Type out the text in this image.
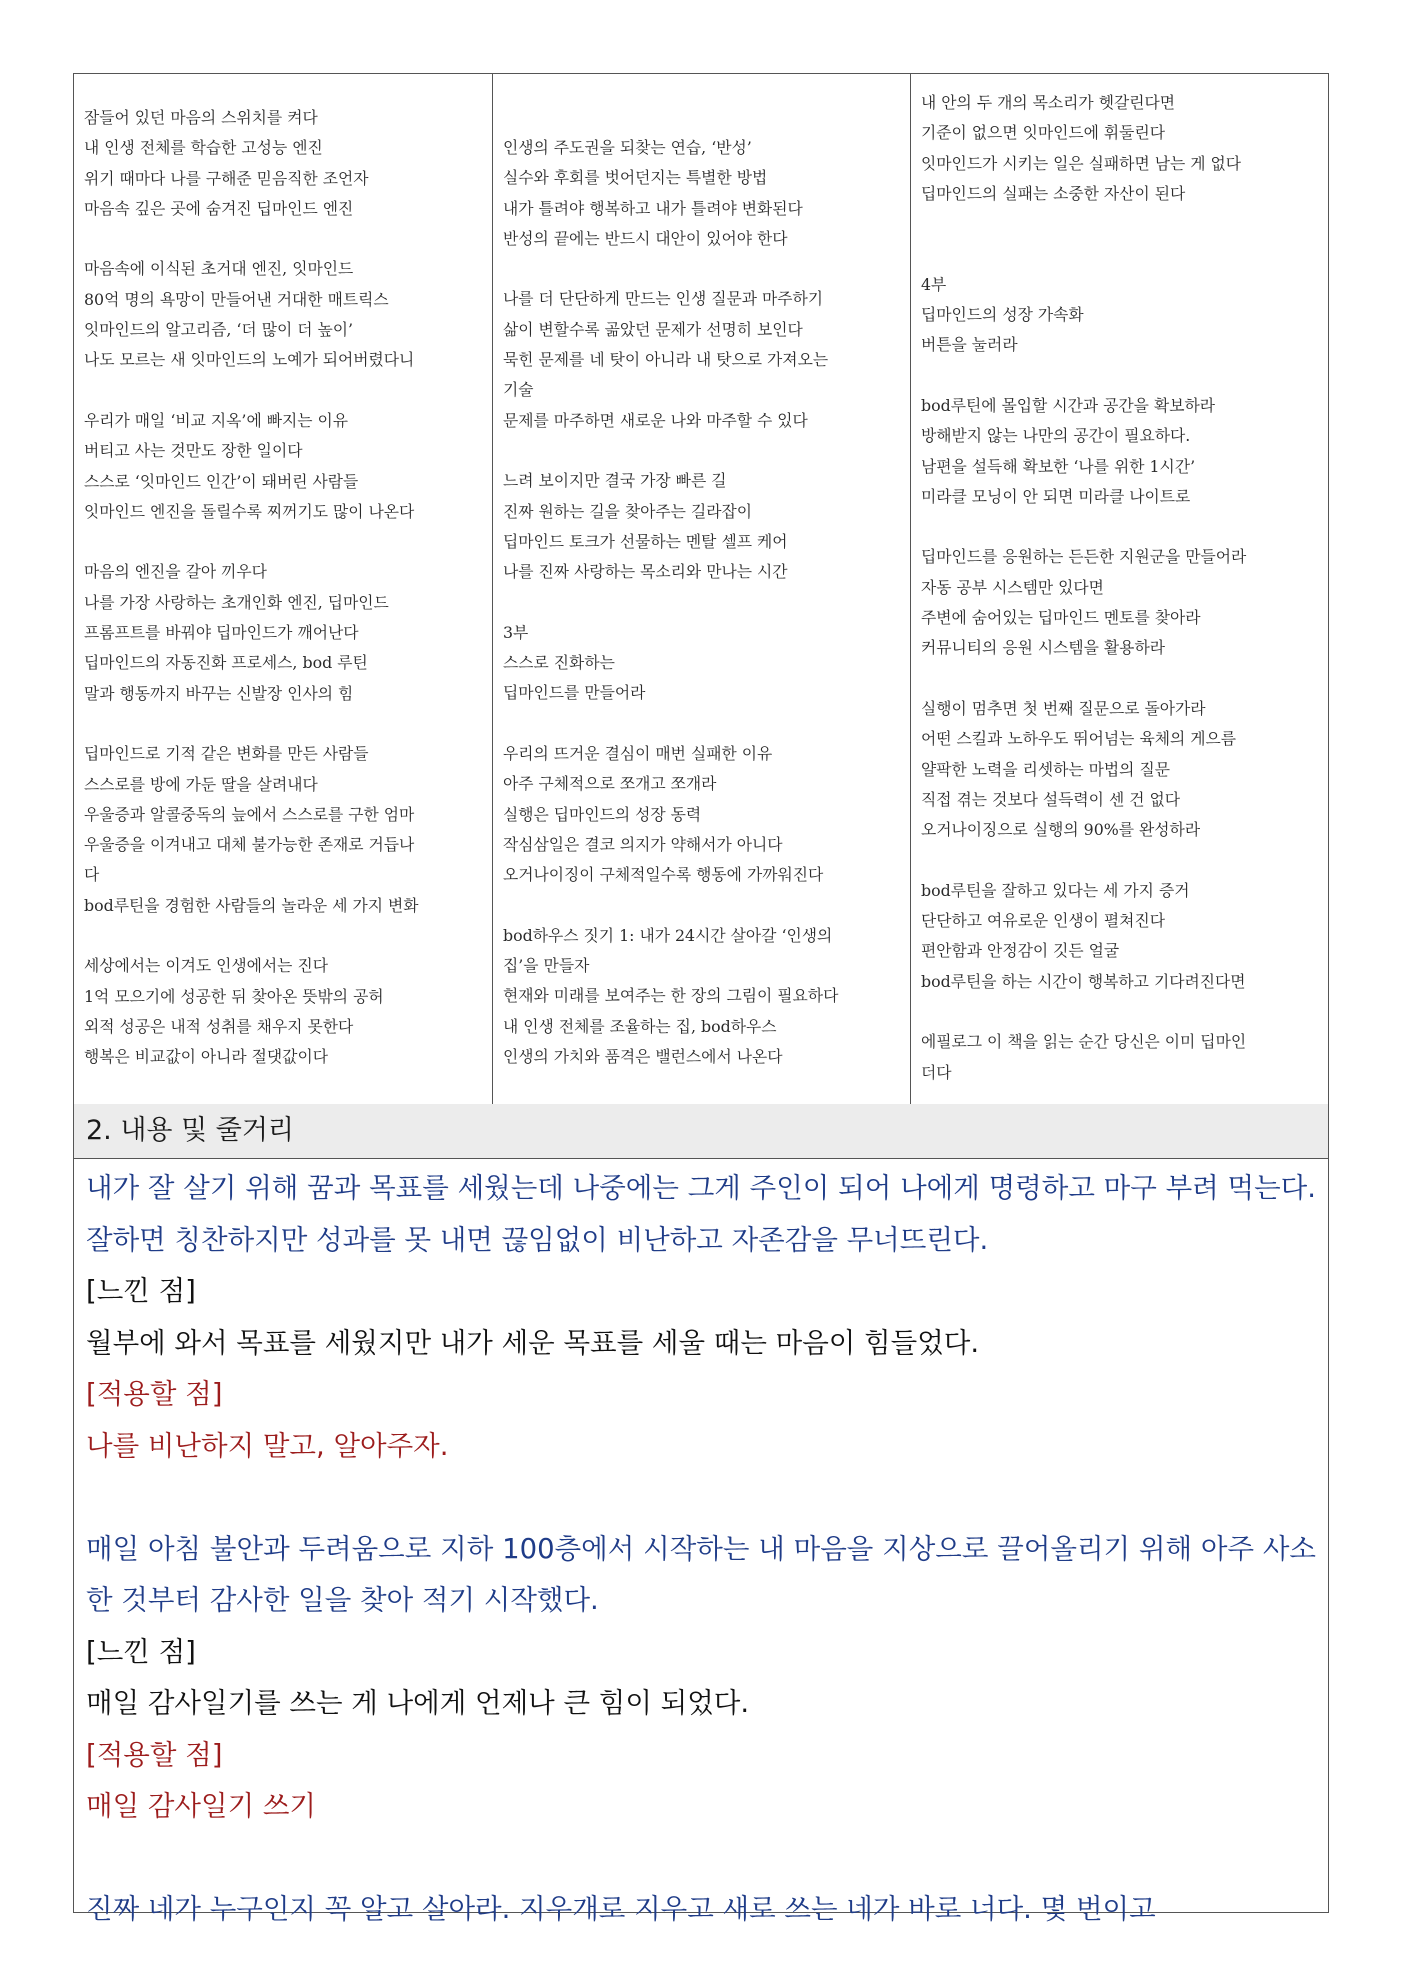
잠들어 있던 마음의 스위치를 켜다
내 인생 전체를 학습한 고성능 엔진
위기 때마다 나를 구해준 믿음직한 조언자
마음속 깊은 곳에 숨겨진 딥마인드 엔진
마음속에 이식된 초거대 엔진, 잇마인드
80억 명의 욕망이 만들어낸 거대한 매트릭스
잇마인드의 알고리즘, ‘더 많이 더 높이’
나도 모르는 새 잇마인드의 노예가 되어버렸다니
우리가 매일 ‘비교 지옥’에 빠지는 이유
버티고 사는 것만도 장한 일이다
스스로 ‘잇마인드 인간’이 돼버린 사람들
잇마인드 엔진을 돌릴수록 찌꺼기도 많이 나온다
마음의 엔진을 갈아 끼우다
나를 가장 사랑하는 초개인화 엔진, 딥마인드
프롬프트를 바꿔야 딥마인드가 깨어난다
딥마인드의 자동진화 프로세스, bod 루틴
말과 행동까지 바꾸는 신발장 인사의 힘
딥마인드로 기적 같은 변화를 만든 사람들
스스로를 방에 가둔 딸을 살려내다
우울증과 알콜중독의 늪에서 스스로를 구한 엄마
우울증을 이겨내고 대체 불가능한 존재로 거듭나
다
bod루틴을 경험한 사람들의 놀라운 세 가지 변화
세상에서는 이겨도 인생에서는 진다
1억 모으기에 성공한 뒤 찾아온 뜻밖의 공허
외적 성공은 내적 성취를 채우지 못한다
행복은 비교값이 아니라 절댓값이다
인생의 주도권을 되찾는 연습, ‘반성’
실수와 후회를 벗어던지는 특별한 방법
내가 틀려야 행복하고 내가 틀려야 변화된다
반성의 끝에는 반드시 대안이 있어야 한다
나를 더 단단하게 만드는 인생 질문과 마주하기
삶이 변할수록 곪았던 문제가 선명히 보인다
묵힌 문제를 네 탓이 아니라 내 탓으로 가져오는
기술
문제를 마주하면 새로운 나와 마주할 수 있다
느려 보이지만 결국 가장 빠른 길
진짜 원하는 길을 찾아주는 길라잡이
딥마인드 토크가 선물하는 멘탈 셀프 케어
나를 진짜 사랑하는 목소리와 만나는 시간
3부
스스로 진화하는
딥마인드를 만들어라
우리의 뜨거운 결심이 매번 실패한 이유
아주 구체적으로 쪼개고 쪼개라
실행은 딥마인드의 성장 동력
작심삼일은 결코 의지가 약해서가 아니다
오거나이징이 구체적일수록 행동에 가까워진다
bod하우스 짓기 1: 내가 24시간 살아갈 ‘인생의
집’을 만들자
현재와 미래를 보여주는 한 장의 그림이 필요하다
내 인생 전체를 조율하는 집, bod하우스
인생의 가치와 품격은 밸런스에서 나온다
내 안의 두 개의 목소리가 헷갈린다면
기준이 없으면 잇마인드에 휘둘린다
잇마인드가 시키는 일은 실패하면 남는 게 없다
딥마인드의 실패는 소중한 자산이 된다
4부
딥마인드의 성장 가속화
버튼을 눌러라
bod루틴에 몰입할 시간과 공간을 확보하라
방해받지 않는 나만의 공간이 필요하다.
남편을 설득해 확보한 ‘나를 위한 1시간’
미라클 모닝이 안 되면 미라클 나이트로
딥마인드를 응원하는 든든한 지원군을 만들어라
자동 공부 시스템만 있다면
주변에 숨어있는 딥마인드 멘토를 찾아라
커뮤니티의 응원 시스템을 활용하라
실행이 멈추면 첫 번째 질문으로 돌아가라
어떤 스킬과 노하우도 뛰어넘는 육체의 게으름
얄팍한 노력을 리셋하는 마법의 질문
직접 겪는 것보다 설득력이 센 건 없다
오거나이징으로 실행의 90%를 완성하라
bod루틴을 잘하고 있다는 세 가지 증거
단단하고 여유로운 인생이 펼쳐진다
편안함과 안정감이 깃든 얼굴
bod루틴을 하는 시간이 행복하고 기다려진다면
에필로그 이 책을 읽는 순간 당신은 이미 딥마인
더다
2. 내용 및 줄거리
내가 잘 살기 위해 꿈과 목표를 세웠는데 나중에는 그게 주인이 되어 나에게 명령하고 마구 부려 먹는다. 잘하면 칭찬하지만 성과를 못 내면 끊임없이 비난하고 자존감을 무너뜨린다.
[느낀 점]
월부에 와서 목표를 세웠지만 내가 세운 목표를 세울 때는 마음이 힘들었다.
[적용할 점]
나를 비난하지 말고, 알아주자.
매일 아침 불안과 두려움으로 지하 100층에서 시작하는 내 마음을 지상으로 끌어올리기 위해 아주 사소한 것부터 감사한 일을 찾아 적기 시작했다.
[느낀 점]
매일 감사일기를 쓰는 게 나에게 언제나 큰 힘이 되었다.
[적용할 점]
매일 감사일기 쓰기
진짜 네가 누구인지 꼭 알고 살아라. 지우개로 지우고 새로 쓰는 네가 바로 너다. 몇 번이고
